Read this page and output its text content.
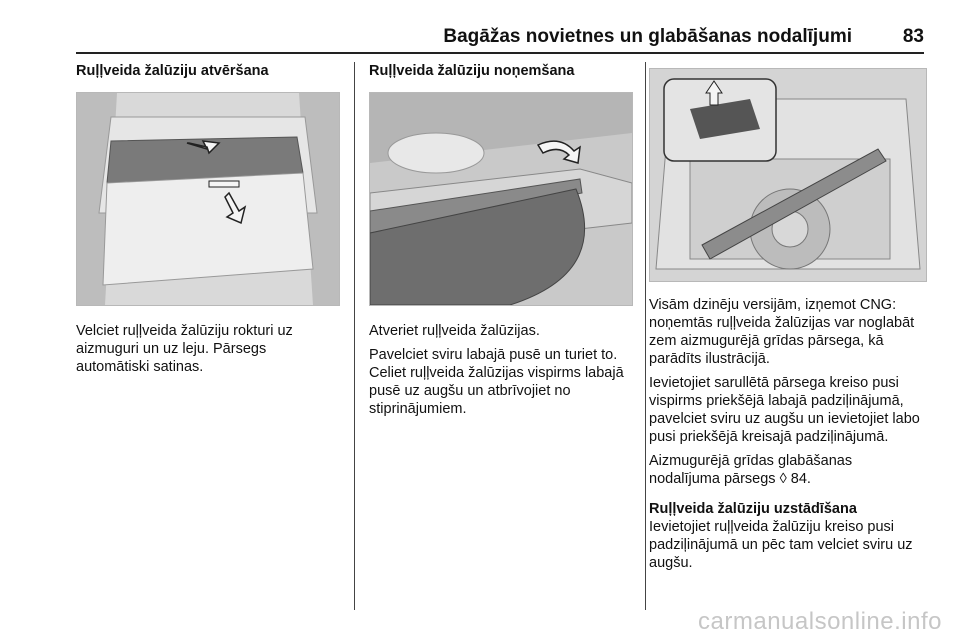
Bagāžas novietnes un glabāšanas nodalījumi	83
Ruļļveida žalūziju atvēršana

Velciet ruļļveida žalūziju rokturi uz aizmuguri un uz leju. Pārsegs automātiski satinas.

Ruļļveida žalūziju noņemšana

Atveriet ruļļveida žalūzijas.

Pavelciet sviru labajā pusē un turiet to. Celiet ruļļveida žalūzijas vispirms labajā pusē uz augšu un atbrīvojiet no stiprinājumiem.

Visām dzinēju versijām, izņemot CNG: noņemtās ruļļveida žalūzijas var noglabāt zem aizmugurējā grīdas pārsega, kā parādīts ilustrācijā.

Ievietojiet sarullētā pārsega kreiso pusi vispirms priekšējā labajā padziļinājumā, pavelciet sviru uz augšu un ievietojiet labo pusi priekšējā kreisajā padziļinājumā.

Aizmugurējā grīdas glabāšanas nodalījuma pārsegs ◊ 84.

Ruļļveida žalūziju uzstādīšana

Ievietojiet ruļļveida žalūziju kreiso pusi padziļinājumā un pēc tam velciet sviru uz augšu.

carmanualsonline.info
